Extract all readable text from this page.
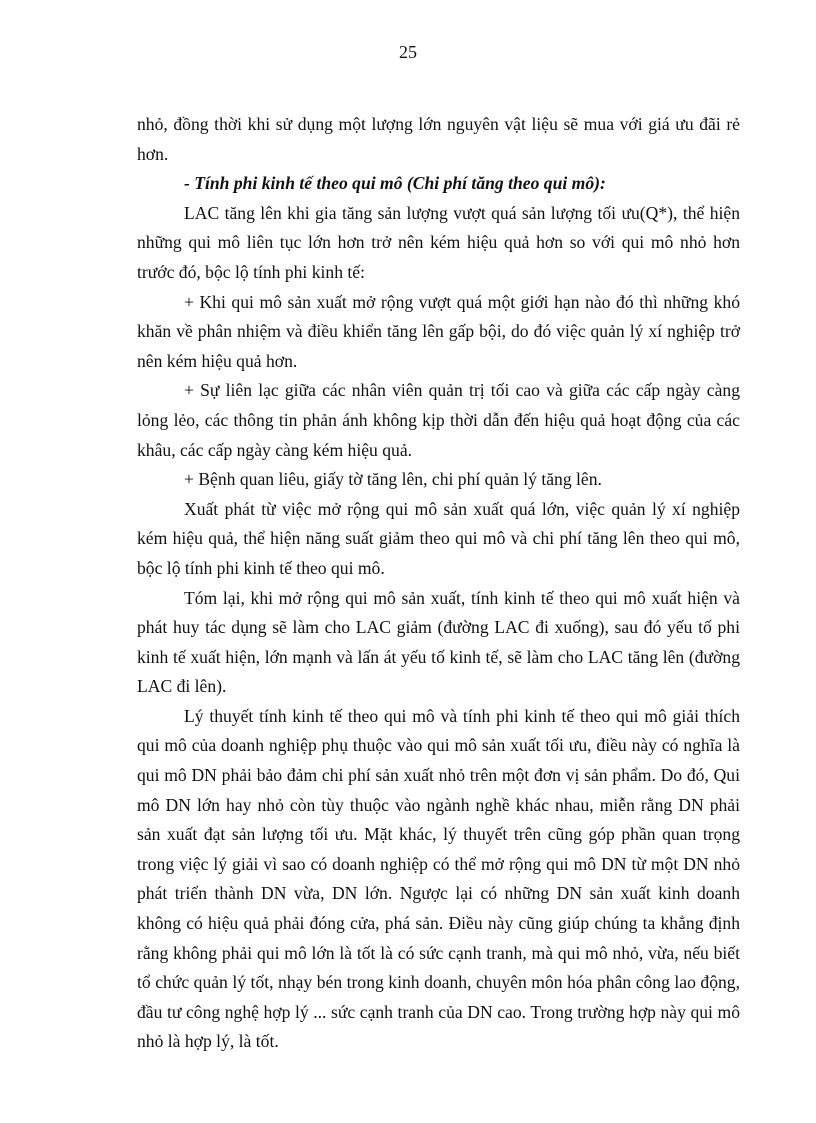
25

nhỏ, đồng thời khi sử dụng một lượng lớn nguyên vật liệu sẽ mua với giá ưu đãi rẻ hơn.

- Tính phi kinh tế theo qui mô (Chi phí tăng theo qui mô):

LAC tăng lên khi gia tăng sản lượng vượt quá sản lượng tối ưu(Q*), thể hiện những qui mô liên tục lớn hơn trở nên kém hiệu quả hơn so với qui mô nhỏ hơn trước đó, bộc lộ tính phi kinh tế:

+ Khi qui mô sản xuất mở rộng vượt quá một giới hạn nào đó thì những khó khăn về phân nhiệm và điều khiển tăng lên gấp bội, do đó việc quản lý xí nghiệp trở nên kém hiệu quả hơn.

+ Sự liên lạc giữa các nhân viên quản trị tối cao và giữa các cấp ngày càng lỏng lẻo, các thông tin phản ánh không kịp thời dẫn đến hiệu quả hoạt động của các khâu, các cấp ngày càng kém hiệu quả.

+ Bệnh quan liêu, giấy tờ tăng lên, chi phí quản lý tăng lên.

Xuất phát từ việc mở rộng qui mô sản xuất quá lớn, việc quản lý xí nghiệp kém hiệu quả, thể hiện năng suất giảm theo qui mô và chi phí tăng lên theo qui mô, bộc lộ tính phi kinh tế theo qui mô.

Tóm lại, khi mở rộng qui mô sản xuất, tính kinh tế theo qui mô xuất hiện và phát huy tác dụng sẽ làm cho LAC giảm (đường LAC đi xuống), sau đó yếu tố phi kinh tế xuất hiện, lớn mạnh và lấn át yếu tố kinh tế, sẽ làm cho LAC tăng lên (đường LAC đi lên).

Lý thuyết tính kinh tế theo qui mô và tính phi kinh tế theo qui mô giải thích qui mô của doanh nghiệp phụ thuộc vào qui mô sản xuất tối ưu, điều này có nghĩa là qui mô DN phải bảo đảm chi phí sản xuất nhỏ trên một đơn vị sản phẩm. Do đó, Qui mô DN lớn hay nhỏ còn tùy thuộc vào ngành nghề khác nhau, miễn rằng DN phải sản xuất đạt sản lượng tối ưu. Mặt khác, lý thuyết trên cũng góp phần quan trọng trong việc lý giải vì sao có doanh nghiệp có thể mở rộng qui mô DN từ một DN nhỏ phát triển thành DN vừa, DN lớn. Ngược lại có những DN sản xuất kinh doanh không có hiệu quả phải đóng cửa, phá sản. Điều này cũng giúp chúng ta khẳng định rằng không phải qui mô lớn là tốt là có sức cạnh tranh, mà qui mô nhỏ, vừa, nếu biết tổ chức quản lý tốt, nhạy bén trong kinh doanh, chuyên môn hóa phân công lao động, đầu tư công nghệ hợp lý ... sức cạnh tranh của DN cao. Trong trường hợp này qui mô nhỏ là hợp lý, là tốt.
